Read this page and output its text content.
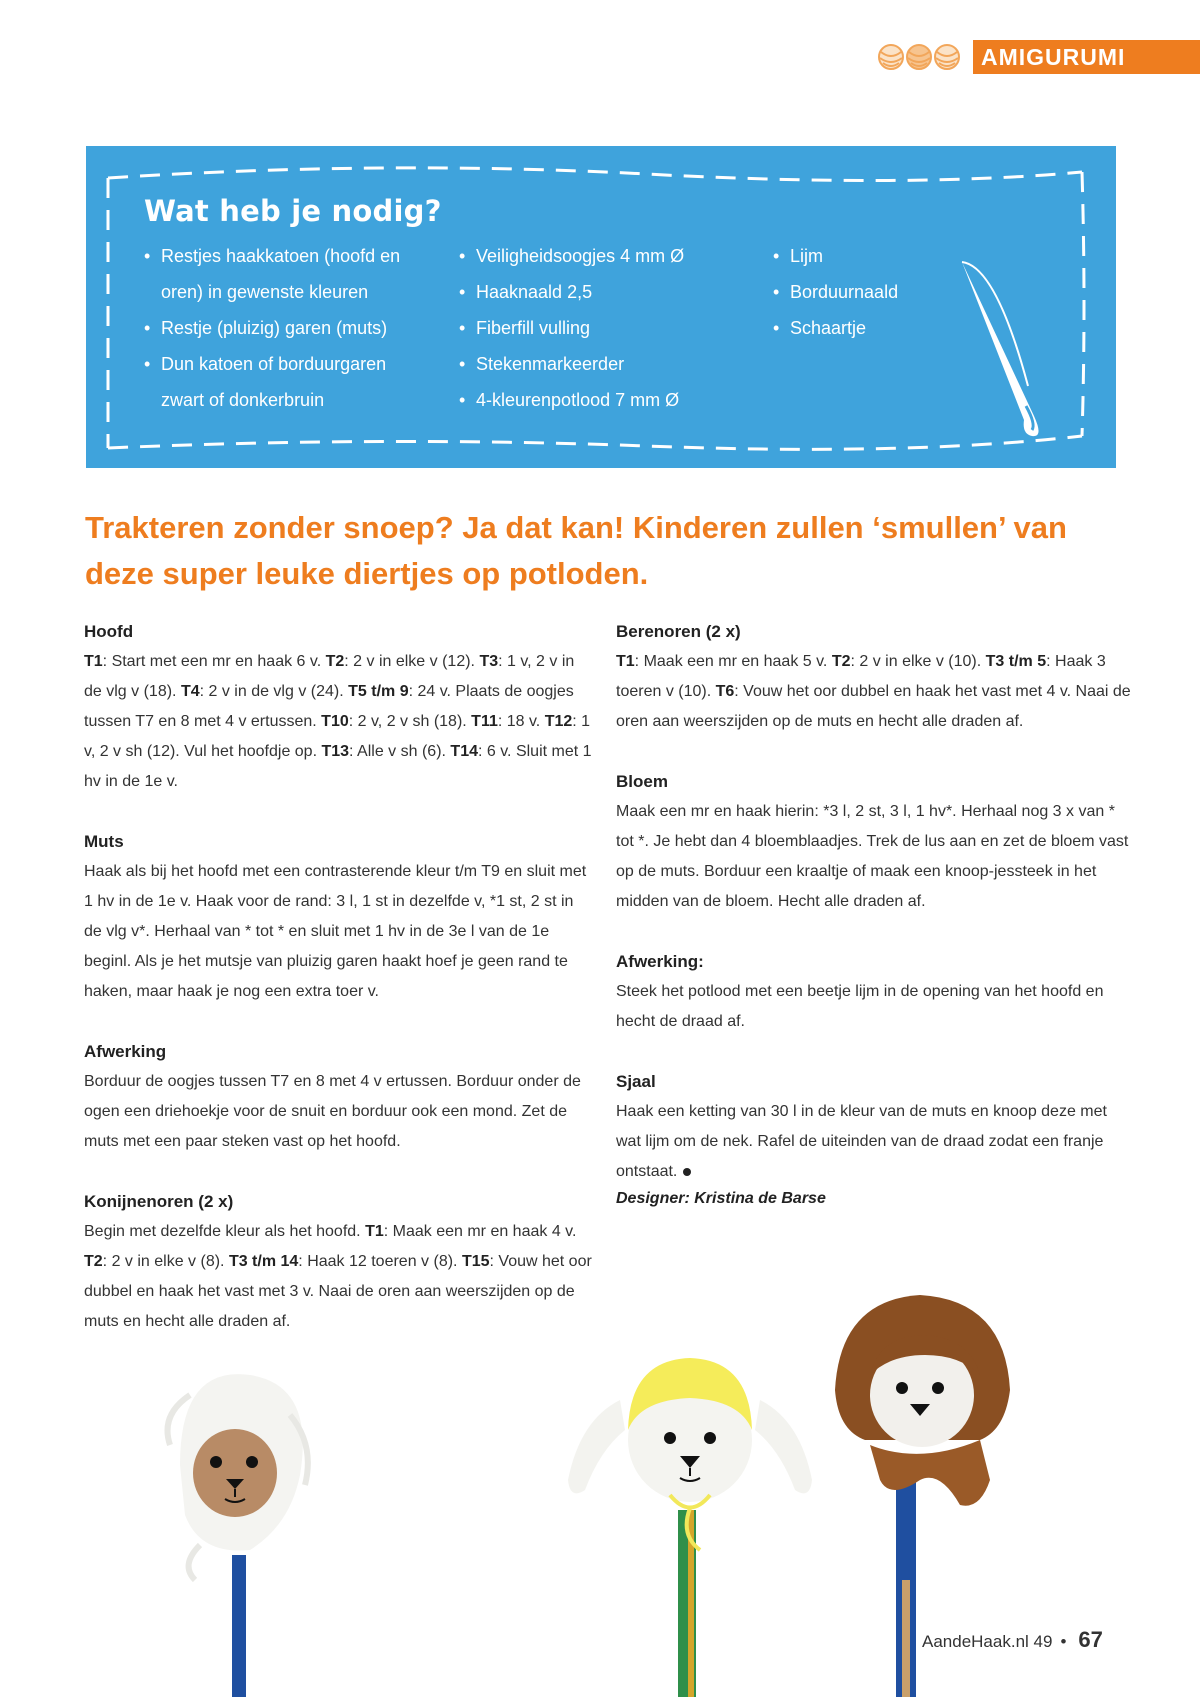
AMIGURUMI
Wat heb je nodig?
• Restjes haakkatoen (hoofd en
oren) in gewenste kleuren
• Restje (pluizig) garen (muts)
• Dun katoen of borduurgaren
zwart of donkerbruin
• Veiligheidsoogjes 4 mm Ø
• Haaknaald 2,5
• Fiberfill vulling
• Stekenmarkeerder
• 4-kleurenpotlood 7 mm Ø
• Lijm
• Borduurnaald
• Schaartje

Trakteren zonder snoep? Ja dat kan! Kinderen zullen ‘smullen’ van deze super leuke diertjes op potloden.

Hoofd

T1: Start met een mr en haak 6 v. T2: 2 v in elke v (12). T3: 1 v, 2 v in de vlg v (18). T4: 2 v in de vlg v (24). T5 t/m 9: 24 v. Plaats de oogjes tussen T7 en 8 met 4 v ertussen. T10: 2 v, 2 v sh (18). T11: 18 v. T12: 1 v, 2 v sh (12). Vul het hoofdje op. T13: Alle v sh (6). T14: 6 v. Sluit met 1 hv in de 1e v.

Muts

Haak als bij het hoofd met een contrasterende kleur t/m T9 en sluit met 1 hv in de 1e v. Haak voor de rand: 3 l, 1 st in dezelfde v, *1 st, 2 st in de vlg v*. Herhaal van * tot * en sluit met 1 hv in de 3e l van de 1e beginl. Als je het mutsje van pluizig garen haakt hoef je geen rand te haken, maar haak je nog een extra toer v.

Afwerking

Borduur de oogjes tussen T7 en 8 met 4 v ertussen. Borduur onder de ogen een driehoekje voor de snuit en borduur ook een mond. Zet de muts met een paar steken vast op het hoofd.

Konijnenoren (2 x)

Begin met dezelfde kleur als het hoofd. T1: Maak een mr en haak 4 v. T2: 2 v in elke v (8). T3 t/m 14: Haak 12 toeren v (8). T15: Vouw het oor dubbel en haak het vast met 3 v. Naai de oren aan weerszijden op de muts en hecht alle draden af.

Berenoren (2 x)

T1: Maak een mr en haak 5 v. T2: 2 v in elke v (10). T3 t/m 5: Haak 3 toeren v (10). T6: Vouw het oor dubbel en haak het vast met 4 v. Naai de oren aan weerszijden op de muts en hecht alle draden af.

Bloem

Maak een mr en haak hierin: *3 l, 2 st, 3 l, 1 hv*. Herhaal nog 3 x van * tot *. Je hebt dan 4 bloemblaadjes. Trek de lus aan en zet de bloem vast op de muts. Borduur een kraaltje of maak een knoop-jessteek in het midden van de bloem. Hecht alle draden af.

Afwerking:

Steek het potlood met een beetje lijm in de opening van het hoofd en hecht de draad af.

Sjaal

Haak een ketting van 30 l in de kleur van de muts en knoop deze met wat lijm om de nek. Rafel de uiteinden van de draad zodat een franje ontstaat.

Designer: Kristina de Barse
AandeHaak.nl 49 • 67
